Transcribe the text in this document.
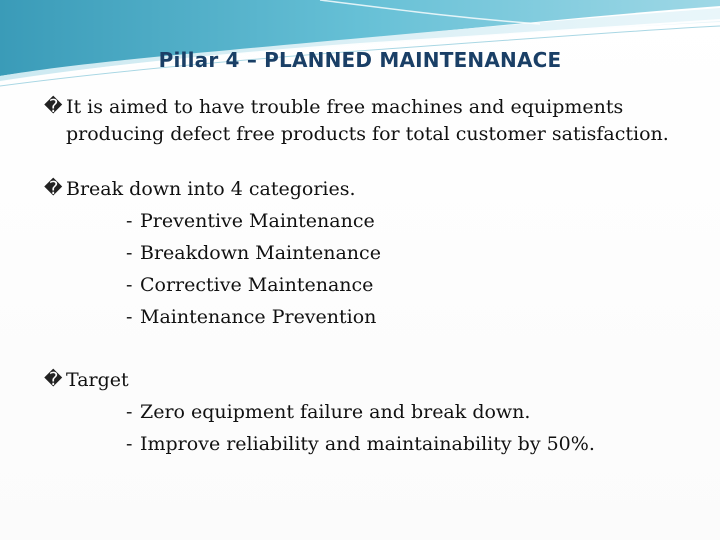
Pillar 4 – PLANNED MAINTENANACE
� It is aimed to have trouble free machines and equipments producing defect free products for total customer satisfaction.
� Break down into 4 categories.
- Preventive Maintenance
- Breakdown Maintenance
- Corrective Maintenance
- Maintenance Prevention
� Target
- Zero equipment failure and break down.
- Improve reliability and maintainability by 50%.
